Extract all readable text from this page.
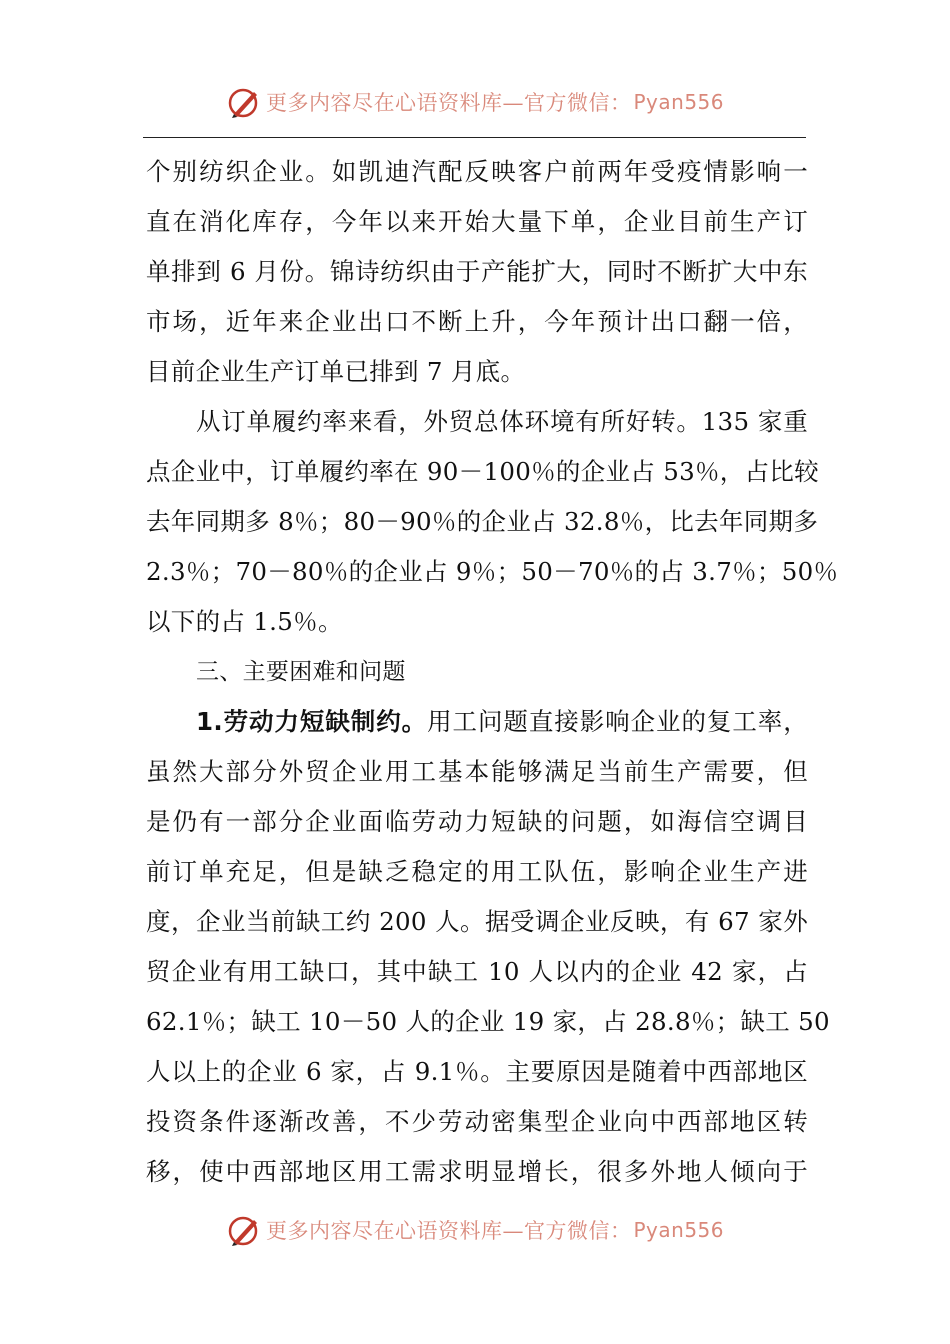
更多内容尽在心语资料库—官方微信： Pyan556
个别纺织企业。如凯迪汽配反映客户前两年受疫情影响一
直在消化库存，今年以来开始大量下单，企业目前生产订
单排到 6 月份。锦诗纺织由于产能扩大，同时不断扩大中东
市场，近年来企业出口不断上升，今年预计出口翻一倍，
目前企业生产订单已排到 7 月底。
从订单履约率来看，外贸总体环境有所好转。135 家重
点企业中，订单履约率在 90－100％的企业占 53％，占比较
去年同期多 8％；80－90％的企业占 32.8％，比去年同期多
2.3％；70－80％的企业占 9％；50－70％的占 3.7％；50％
以下的占 1.5％。
三、主要困难和问题
1.劳动力短缺制约。用工问题直接影响企业的复工率，
虽然大部分外贸企业用工基本能够满足当前生产需要，但
是仍有一部分企业面临劳动力短缺的问题，如海信空调目
前订单充足，但是缺乏稳定的用工队伍，影响企业生产进
度，企业当前缺工约 200 人。据受调企业反映，有 67 家外
贸企业有用工缺口，其中缺工 10 人以内的企业 42 家，占
62.1％；缺工 10－50 人的企业 19 家，占 28.8％；缺工 50
人以上的企业 6 家，占 9.1％。主要原因是随着中西部地区
投资条件逐渐改善，不少劳动密集型企业向中西部地区转
移，使中西部地区用工需求明显增长，很多外地人倾向于
更多内容尽在心语资料库—官方微信： Pyan556
